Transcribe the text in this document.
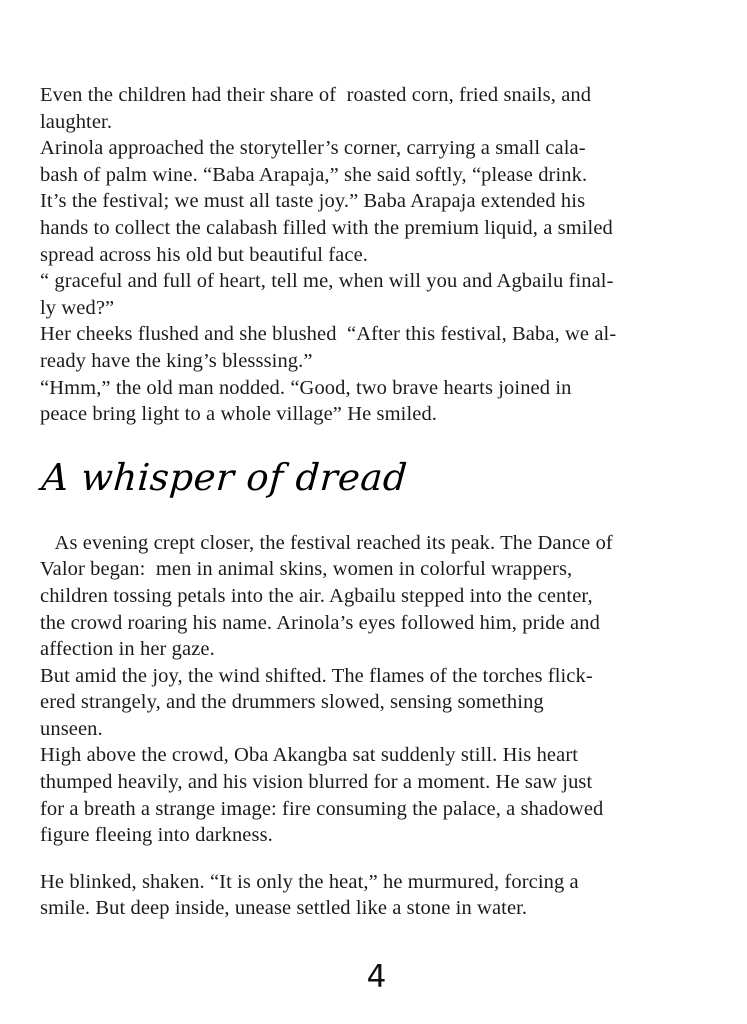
Even the children had their share of  roasted corn, fried snails, and
laughter.
Arinola approached the storyteller’s corner, carrying a small cala-
bash of palm wine. “Baba Arapaja,” she said softly, “please drink.
It’s the festival; we must all taste joy.” Baba Arapaja extended his
hands to collect the calabash filled with the premium liquid, a smiled
spread across his old but beautiful face.
“ graceful and full of heart, tell me, when will you and Agbailu final-
ly wed?”
Her cheeks flushed and she blushed  “After this festival, Baba, we al-
ready have the king’s blesssing.”
“Hmm,” the old man nodded. “Good, two brave hearts joined in
peace bring light to a whole village” He smiled.
A whisper of dread
As evening crept closer, the festival reached its peak. The Dance of
Valor began:  men in animal skins, women in colorful wrappers,
children tossing petals into the air. Agbailu stepped into the center,
the crowd roaring his name. Arinola’s eyes followed him, pride and
affection in her gaze.
But amid the joy, the wind shifted. The flames of the torches flick-
ered strangely, and the drummers slowed, sensing something
unseen.
High above the crowd, Oba Akangba sat suddenly still. His heart
thumped heavily, and his vision blurred for a moment. He saw just
for a breath a strange image: fire consuming the palace, a shadowed
figure fleeing into darkness.
He blinked, shaken. “It is only the heat,” he murmured, forcing a
smile. But deep inside, unease settled like a stone in water.
4
